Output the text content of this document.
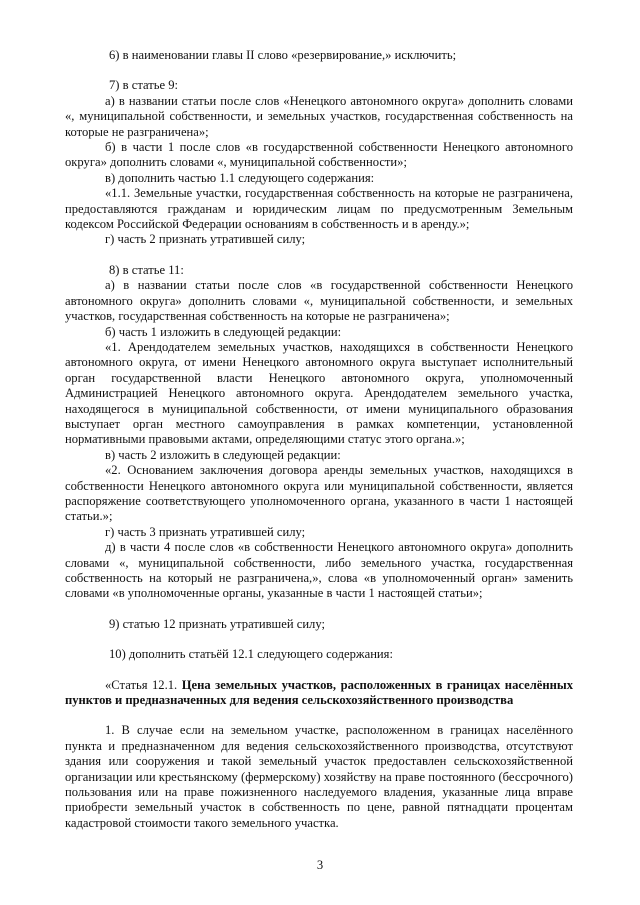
6) в наименовании главы II слово «резервирование,» исключить;

7) в статье 9:

а) в названии статьи после слов «Ненецкого автономного округа» дополнить словами «, муниципальной собственности, и земельных участков, государственная собственность на которые не разграничена»;

б) в части 1 после слов «в государственной собственности Ненецкого автономного округа» дополнить словами «, муниципальной собственности»;

в) дополнить частью 1.1 следующего содержания:

«1.1. Земельные участки, государственная собственность на которые не разграничена, предоставляются гражданам и юридическим лицам по предусмотренным Земельным кодексом Российской Федерации основаниям в собственность и в аренду.»;

г) часть 2 признать утратившей силу;

8) в статье 11:

а) в названии статьи после слов «в государственной собственности Ненецкого автономного округа» дополнить словами «, муниципальной собственности, и земельных участков, государственная собственность на которые не разграничена»;

б) часть 1 изложить в следующей редакции:

«1. Арендодателем земельных участков, находящихся в собственности Ненецкого автономного округа, от имени Ненецкого автономного округа выступает исполнительный орган государственной власти Ненецкого автономного округа, уполномоченный Администрацией Ненецкого автономного округа. Арендодателем земельного участка, находящегося в муниципальной собственности, от имени муниципального образования выступает орган местного самоуправления в рамках компетенции, установленной нормативными правовыми актами, определяющими статус этого органа.»;

в) часть 2 изложить в следующей редакции:

«2. Основанием заключения договора аренды земельных участков, находящихся в собственности Ненецкого автономного округа или муниципальной собственности, является распоряжение соответствующего уполномоченного органа, указанного в части 1 настоящей статьи.»;

г) часть 3 признать утратившей силу;

д) в части 4 после слов «в собственности Ненецкого автономного округа» дополнить словами «, муниципальной собственности, либо земельного участка, государственная собственность на который не разграничена,», слова «в уполномоченный орган» заменить словами «в уполномоченные органы, указанные в части 1 настоящей статьи»;

9) статью 12 признать утратившей силу;

10) дополнить статьёй 12.1 следующего содержания:

«Статья 12.1. Цена земельных участков, расположенных в границах населённых пунктов и предназначенных для ведения сельскохозяйственного производства

1. В случае если на земельном участке, расположенном в границах населённого пункта и предназначенном для ведения сельскохозяйственного производства, отсутствуют здания или сооружения и такой земельный участок предоставлен сельскохозяйственной организации или крестьянскому (фермерскому) хозяйству на праве постоянного (бессрочного) пользования или на праве пожизненного наследуемого владения, указанные лица вправе приобрести земельный участок в собственность по цене, равной пятнадцати процентам кадастровой стоимости такого земельного участка.

3
